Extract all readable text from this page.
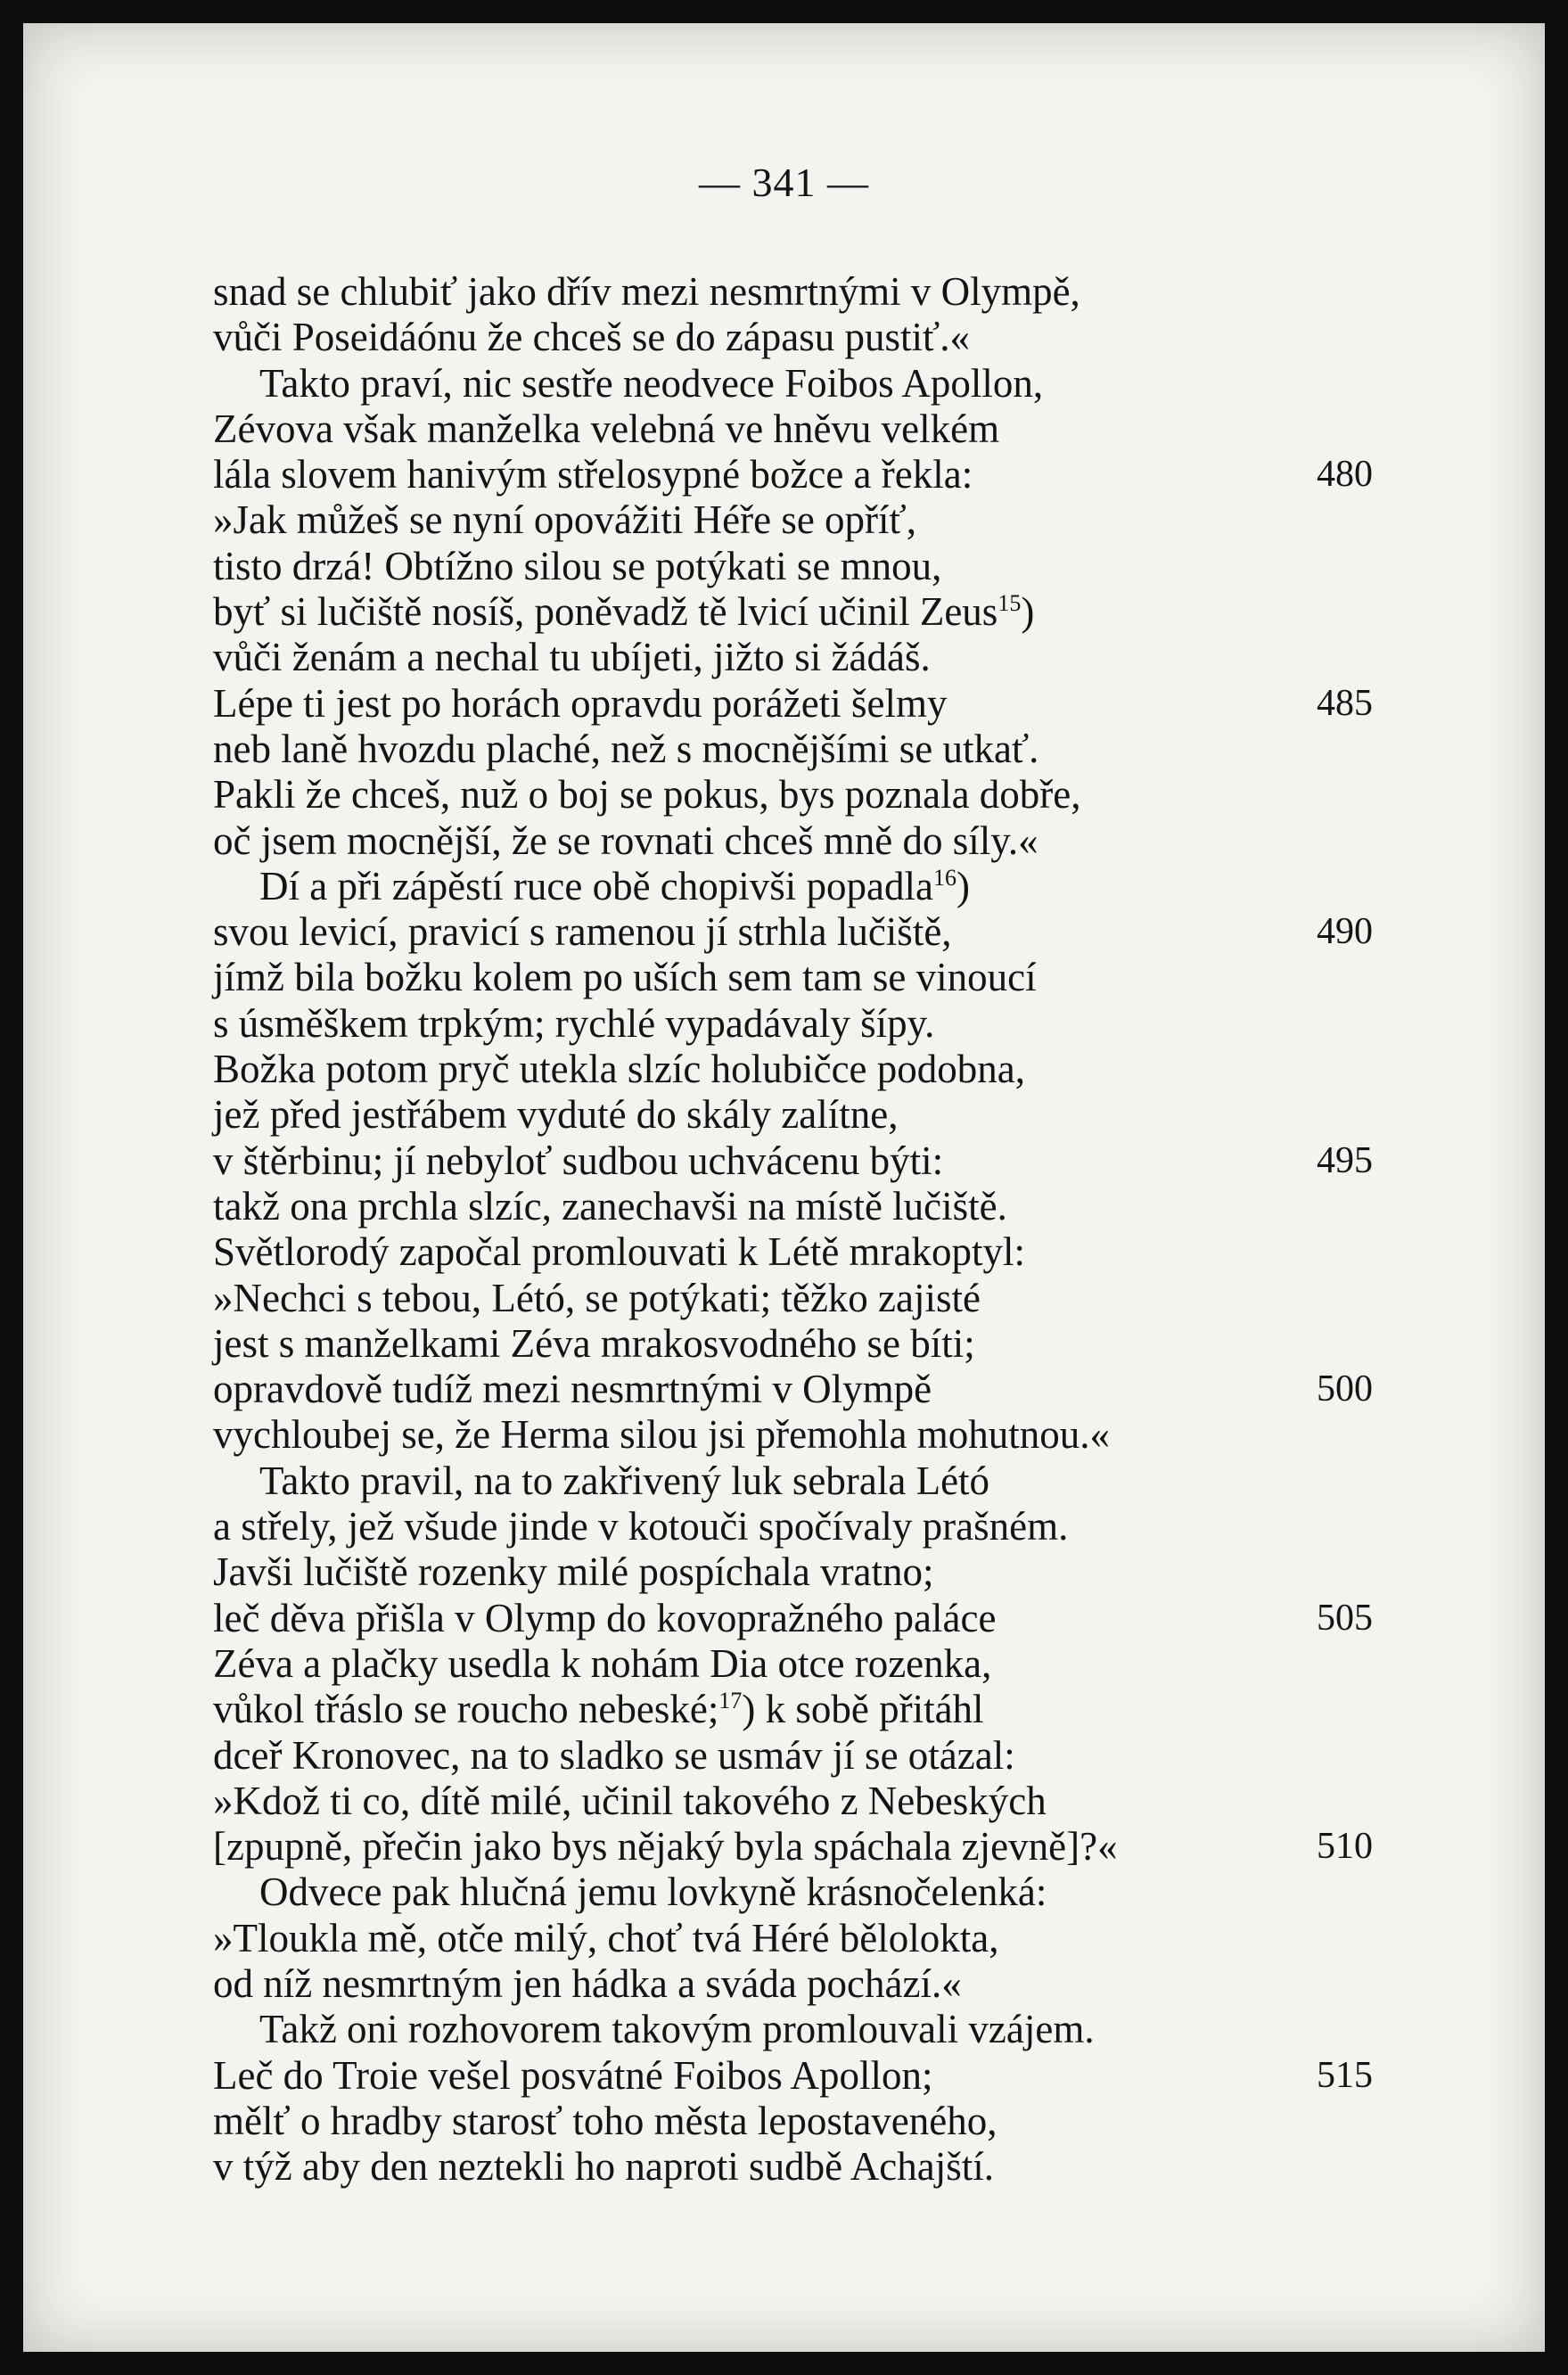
— 341 —
snad se chlubiť jako dřív mezi nesmrtnými v Olympě,
vůči Poseidáónu že chceš se do zápasu pustiť.«
Takto praví, nic sestře neodvece Foibos Apollon,
Zévova však manželka velebná ve hněvu velkém
lála slovem hanivým střelosypné božce a řekla:	480
»Jak můžeš se nyní opovážiti Héře se opříť,
tisto drzá! Obtížno silou se potýkati se mnou,
byť si lučiště nosíš, poněvadž tě lvicí učinil Zeus$^{15}$)
vůči ženám a nechal tu ubíjeti, jižto si žádáš.
Lépe ti jest po horách opravdu porážeti šelmy	485
neb laně hvozdu plaché, než s mocnějšími se utkať.
Pakli že chceš, nuž o boj se pokus, bys poznala dobře,
oč jsem mocnější, že se rovnati chceš mně do síly.«
Dí a při zápěstí ruce obě chopivši popadla$^{16}$)
svou levicí, pravicí s ramenou jí strhla lučiště,	490
jímž bila božku kolem po uších sem tam se vinoucí
s úsměškem trpkým; rychlé vypadávaly šípy.
Božka potom pryč utekla slzíc holubičce podobna,
jež před jestřábem vyduté do skály zalítne,
v štěrbinu; jí nebyloť sudbou uchvácenu býti:	495
takž ona prchla slzíc, zanechavši na místě lučiště.
Světlorodý započal promlouvati k Létě mrakoptyl:
»Nechci s tebou, Létó, se potýkati; těžko zajisté
jest s manželkami Zéva mrakosvodného se bíti;
opravdově tudíž mezi nesmrtnými v Olympě	500
vychloubej se, že Herma silou jsi přemohla mohutnou.«
Takto pravil, na to zakřivený luk sebrala Létó
a střely, jež všude jinde v kotouči spočívaly prašném.
Javši lučiště rozenky milé pospíchala vratno;
leč děva přišla v Olymp do kovopražného paláce	505
Zéva a plačky usedla k nohám Dia otce rozenka,
vůkol třáslo se roucho nebeské;$^{17}$) k sobě přitáhl
dceř Kronovec, na to sladko se usmáv jí se otázal:
»Kdož ti co, dítě milé, učinil takového z Nebeských
[zpupně, přečin jako bys nějaký byla spáchala zjevně]?«	510
Odvece pak hlučná jemu lovkyně krásnočelenká:
»Tloukla mě, otče milý, choť tvá Héré bělolokta,
od níž nesmrtným jen hádka a sváda pochází.«
Takž oni rozhovorem takovým promlouvali vzájem.
Leč do Troie vešel posvátné Foibos Apollon;	515
mělť o hradby starosť toho města lepostaveného,
v týž aby den neztekli ho naproti sudbě Achajští.
